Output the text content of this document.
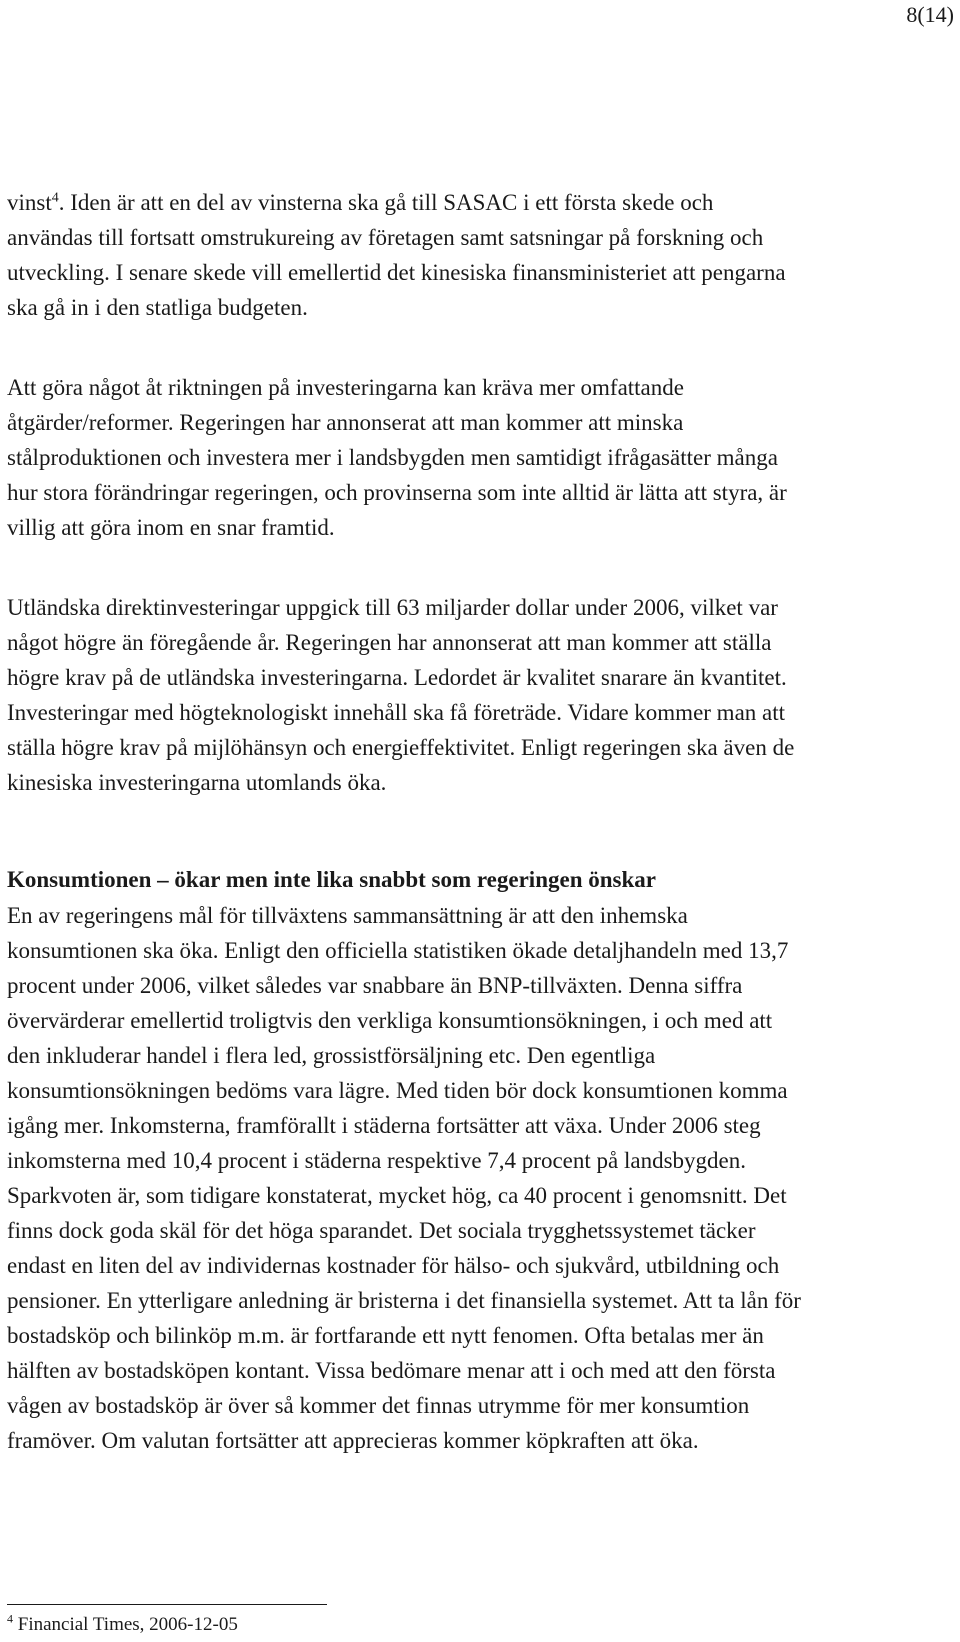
8(14)

vinst$^4$. Iden är att en del av vinsterna ska gå till SASAC i ett första skede och användas till fortsatt omstrukureing av företagen samt satsningar på forskning och utveckling. I senare skede vill emellertid det kinesiska finansministeriet att pengarna ska gå in i den statliga budgeten.

Att göra något åt riktningen på investeringarna kan kräva mer omfattande åtgärder/reformer. Regeringen har annonserat att man kommer att minska stålproduktionen och investera mer i landsbygden men samtidigt ifrågasätter många hur stora förändringar regeringen, och provinserna som inte alltid är lätta att styra, är villig att göra inom en snar framtid.

Utländska direktinvesteringar uppgick till 63 miljarder dollar under 2006, vilket var något högre än föregående år. Regeringen har annonserat att man kommer att ställa högre krav på de utländska investeringarna. Ledordet är kvalitet snarare än kvantitet. Investeringar med högteknologiskt innehåll ska få företräde. Vidare kommer man att ställa högre krav på mijlöhänsyn och energieffektivitet. Enligt regeringen ska även de kinesiska investeringarna utomlands öka.

Konsumtionen – ökar men inte lika snabbt som regeringen önskar

En av regeringens mål för tillväxtens sammansättning är att den inhemska konsumtionen ska öka. Enligt den officiella statistiken ökade detaljhandeln med 13,7 procent under 2006, vilket således var snabbare än BNP-tillväxten. Denna siffra övervärderar emellertid troligtvis den verkliga konsumtionsökningen, i och med att den inkluderar handel i flera led, grossistförsäljning etc. Den egentliga konsumtionsökningen bedöms vara lägre. Med tiden bör dock konsumtionen komma igång mer. Inkomsterna, framförallt i städerna fortsätter att växa. Under 2006 steg inkomsterna med 10,4 procent i städerna respektive 7,4 procent på landsbygden. Sparkvoten är, som tidigare konstaterat, mycket hög, ca 40 procent i genomsnitt. Det finns dock goda skäl för det höga sparandet. Det sociala trygghetssystemet täcker endast en liten del av individernas kostnader för hälso- och sjukvård, utbildning och pensioner. En ytterligare anledning är bristerna i det finansiella systemet. Att ta lån för bostadsköp och bilinköp m.m. är fortfarande ett nytt fenomen. Ofta betalas mer än hälften av bostadsköpen kontant. Vissa bedömare menar att i och med att den första vågen av bostadsköp är över så kommer det finnas utrymme för mer konsumtion framöver. Om valutan fortsätter att apprecieras kommer köpkraften att öka.

$^4$ Financial Times, 2006-12-05
